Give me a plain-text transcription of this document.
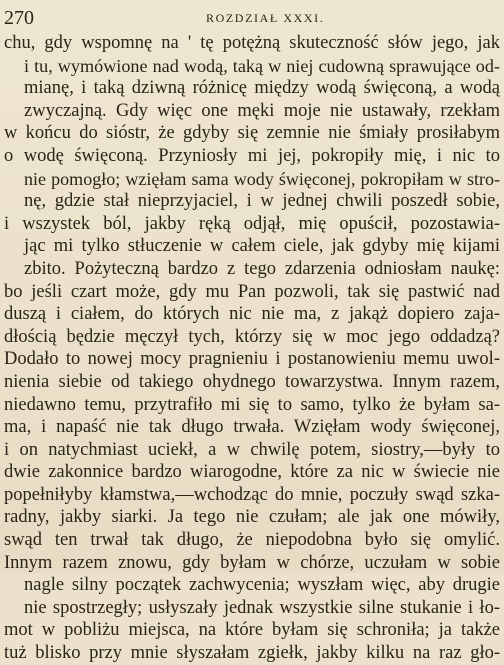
270	ROZDZIAŁ XXXI.
chu, gdy wspomnę na ' tę potężną skuteczność słów jego, jak
i tu, wymówione nad wodą, taką w niej cudowną sprawujące od-
mianę, i taką dziwną różnicę między wodą święconą, a wodą
zwyczajną. Gdy więc one męki moje nie ustawały, rzekłam
w końcu do sióstr, że gdyby się zemnie nie śmiały prosiłabym
o wodę święconą. Przyniosły mi jej, pokropiły mię, i nic to
nie pomogło; wzięłam sama wody święconej, pokropiłam w stro-
nę, gdzie stał nieprzyjaciel, i w jednej chwili poszedł sobie,
i wszystek ból, jakby ręką odjął, mię opuścił, pozostawia-
jąc mi tylko stłuczenie w całem ciele, jak gdyby mię kijami
zbito. Pożyteczną bardzo z tego zdarzenia odniosłam naukę:
bo jeśli czart może, gdy mu Pan pozwoli, tak się pastwić nad
duszą i ciałem, do których nic nie ma, z jakąż dopiero zaja-
dłością będzie męczył tych, którzy się w moc jego oddadzą?
Dodało to nowej mocy pragnieniu i postanowieniu memu uwol-
nienia siebie od takiego ohydnego towarzystwa. Innym razem,
niedawno temu, przytrafiło mi się to samo, tylko że byłam sa-
ma, i napaść nie tak długo trwała. Wzięłam wody święconej,
i on natychmiast uciekł, a w chwilę potem, siostry,—były to
dwie zakonnice bardzo wiarogodne, które za nic w świecie nie
popełniłyby kłamstwa,—wchodząc do mnie, poczuły swąd szka-
radny, jakby siarki. Ja tego nie czułam; ale jak one mówiły,
swąd ten trwał tak długo, że niepodobna było się omylić.
Innym razem znowu, gdy byłam w chórze, uczułam w sobie
nagle silny początek zachwycenia; wyszłam więc, aby drugie
nie spostrzegły; usłyszały jednak wszystkie silne stukanie i ło-
mot w pobliżu miejsca, na które byłam się schroniła; ja także
tuż blisko przy mnie słyszałam zgiełk, jakby kilku na raz gło-
